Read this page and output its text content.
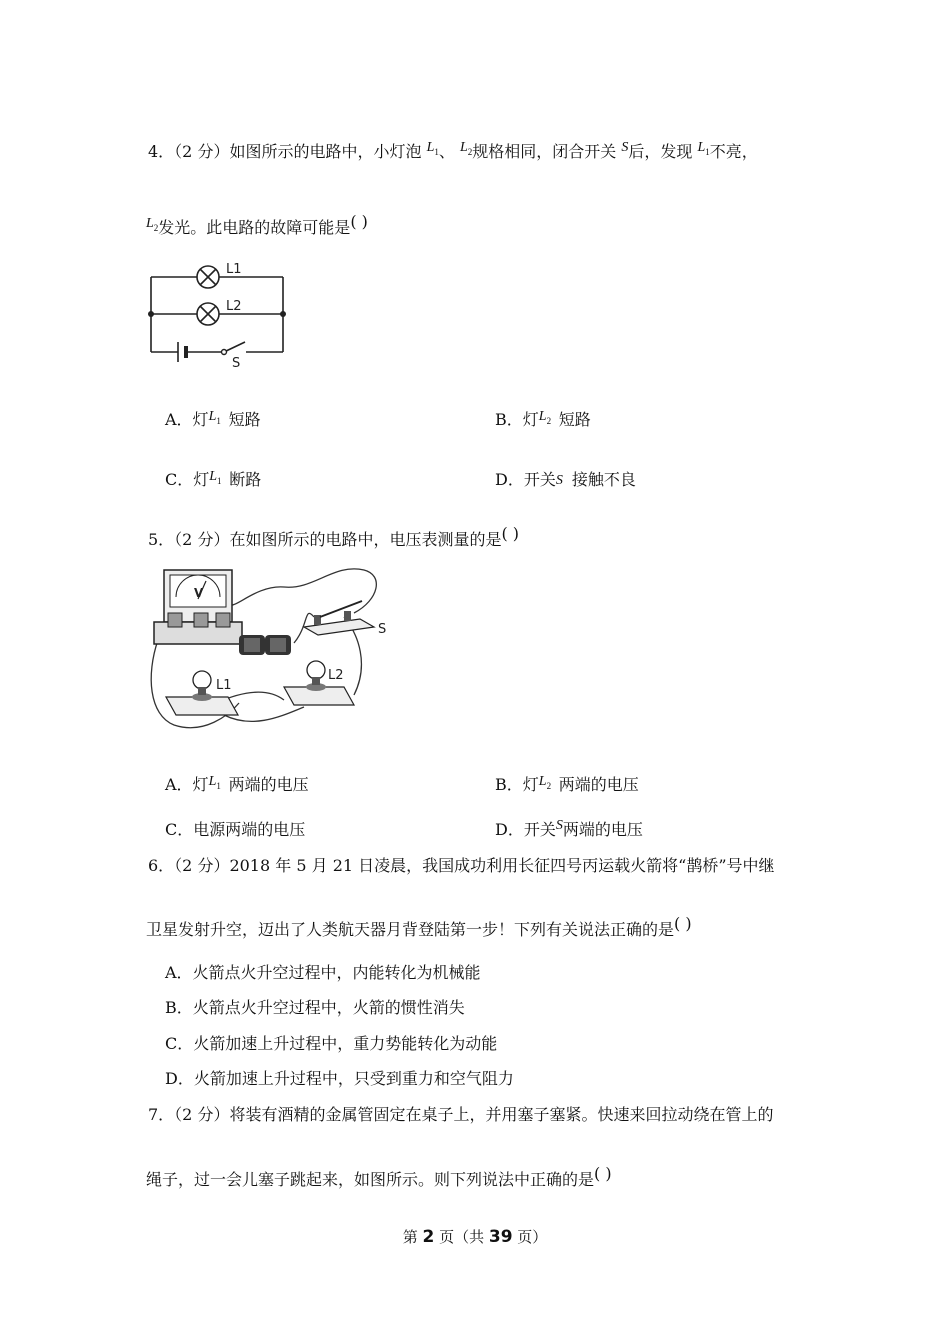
4．（2 分）如图所示的电路中，小灯泡 $L_1$、 $L_2$规格相同，闭合开关 S后，发现 $L_1$不亮，
$L_2$发光。此电路的故障可能是( )
L1
L2
S
A．灯 $L_1$ 短路	B．灯 $L_2$ 短路
C．灯 $L_1$ 断路	D．开关 S 接触不良
5．（2 分）在如图所示的电路中，电压表测量的是( )
V
S
L1
L2
A．灯 $L_1$ 两端的电压	B．灯 $L_2$ 两端的电压
C．电源两端的电压	D．开关S两端的电压
6．（2 分）2018 年 5 月 21 日凌晨，我国成功利用长征四号丙运载火箭将“鹊桥”号中继
卫星发射升空，迈出了人类航天器月背登陆第一步！下列有关说法正确的是( )
A．火箭点火升空过程中，内能转化为机械能
B．火箭点火升空过程中，火箭的惯性消失
C．火箭加速上升过程中，重力势能转化为动能
D．火箭加速上升过程中，只受到重力和空气阻力
7．（2 分）将装有酒精的金属管固定在桌子上，并用塞子塞紧。快速来回拉动绕在管上的
绳子，过一会儿塞子跳起来，如图所示。则下列说法中正确的是( )
第 2 页（共 39 页）
